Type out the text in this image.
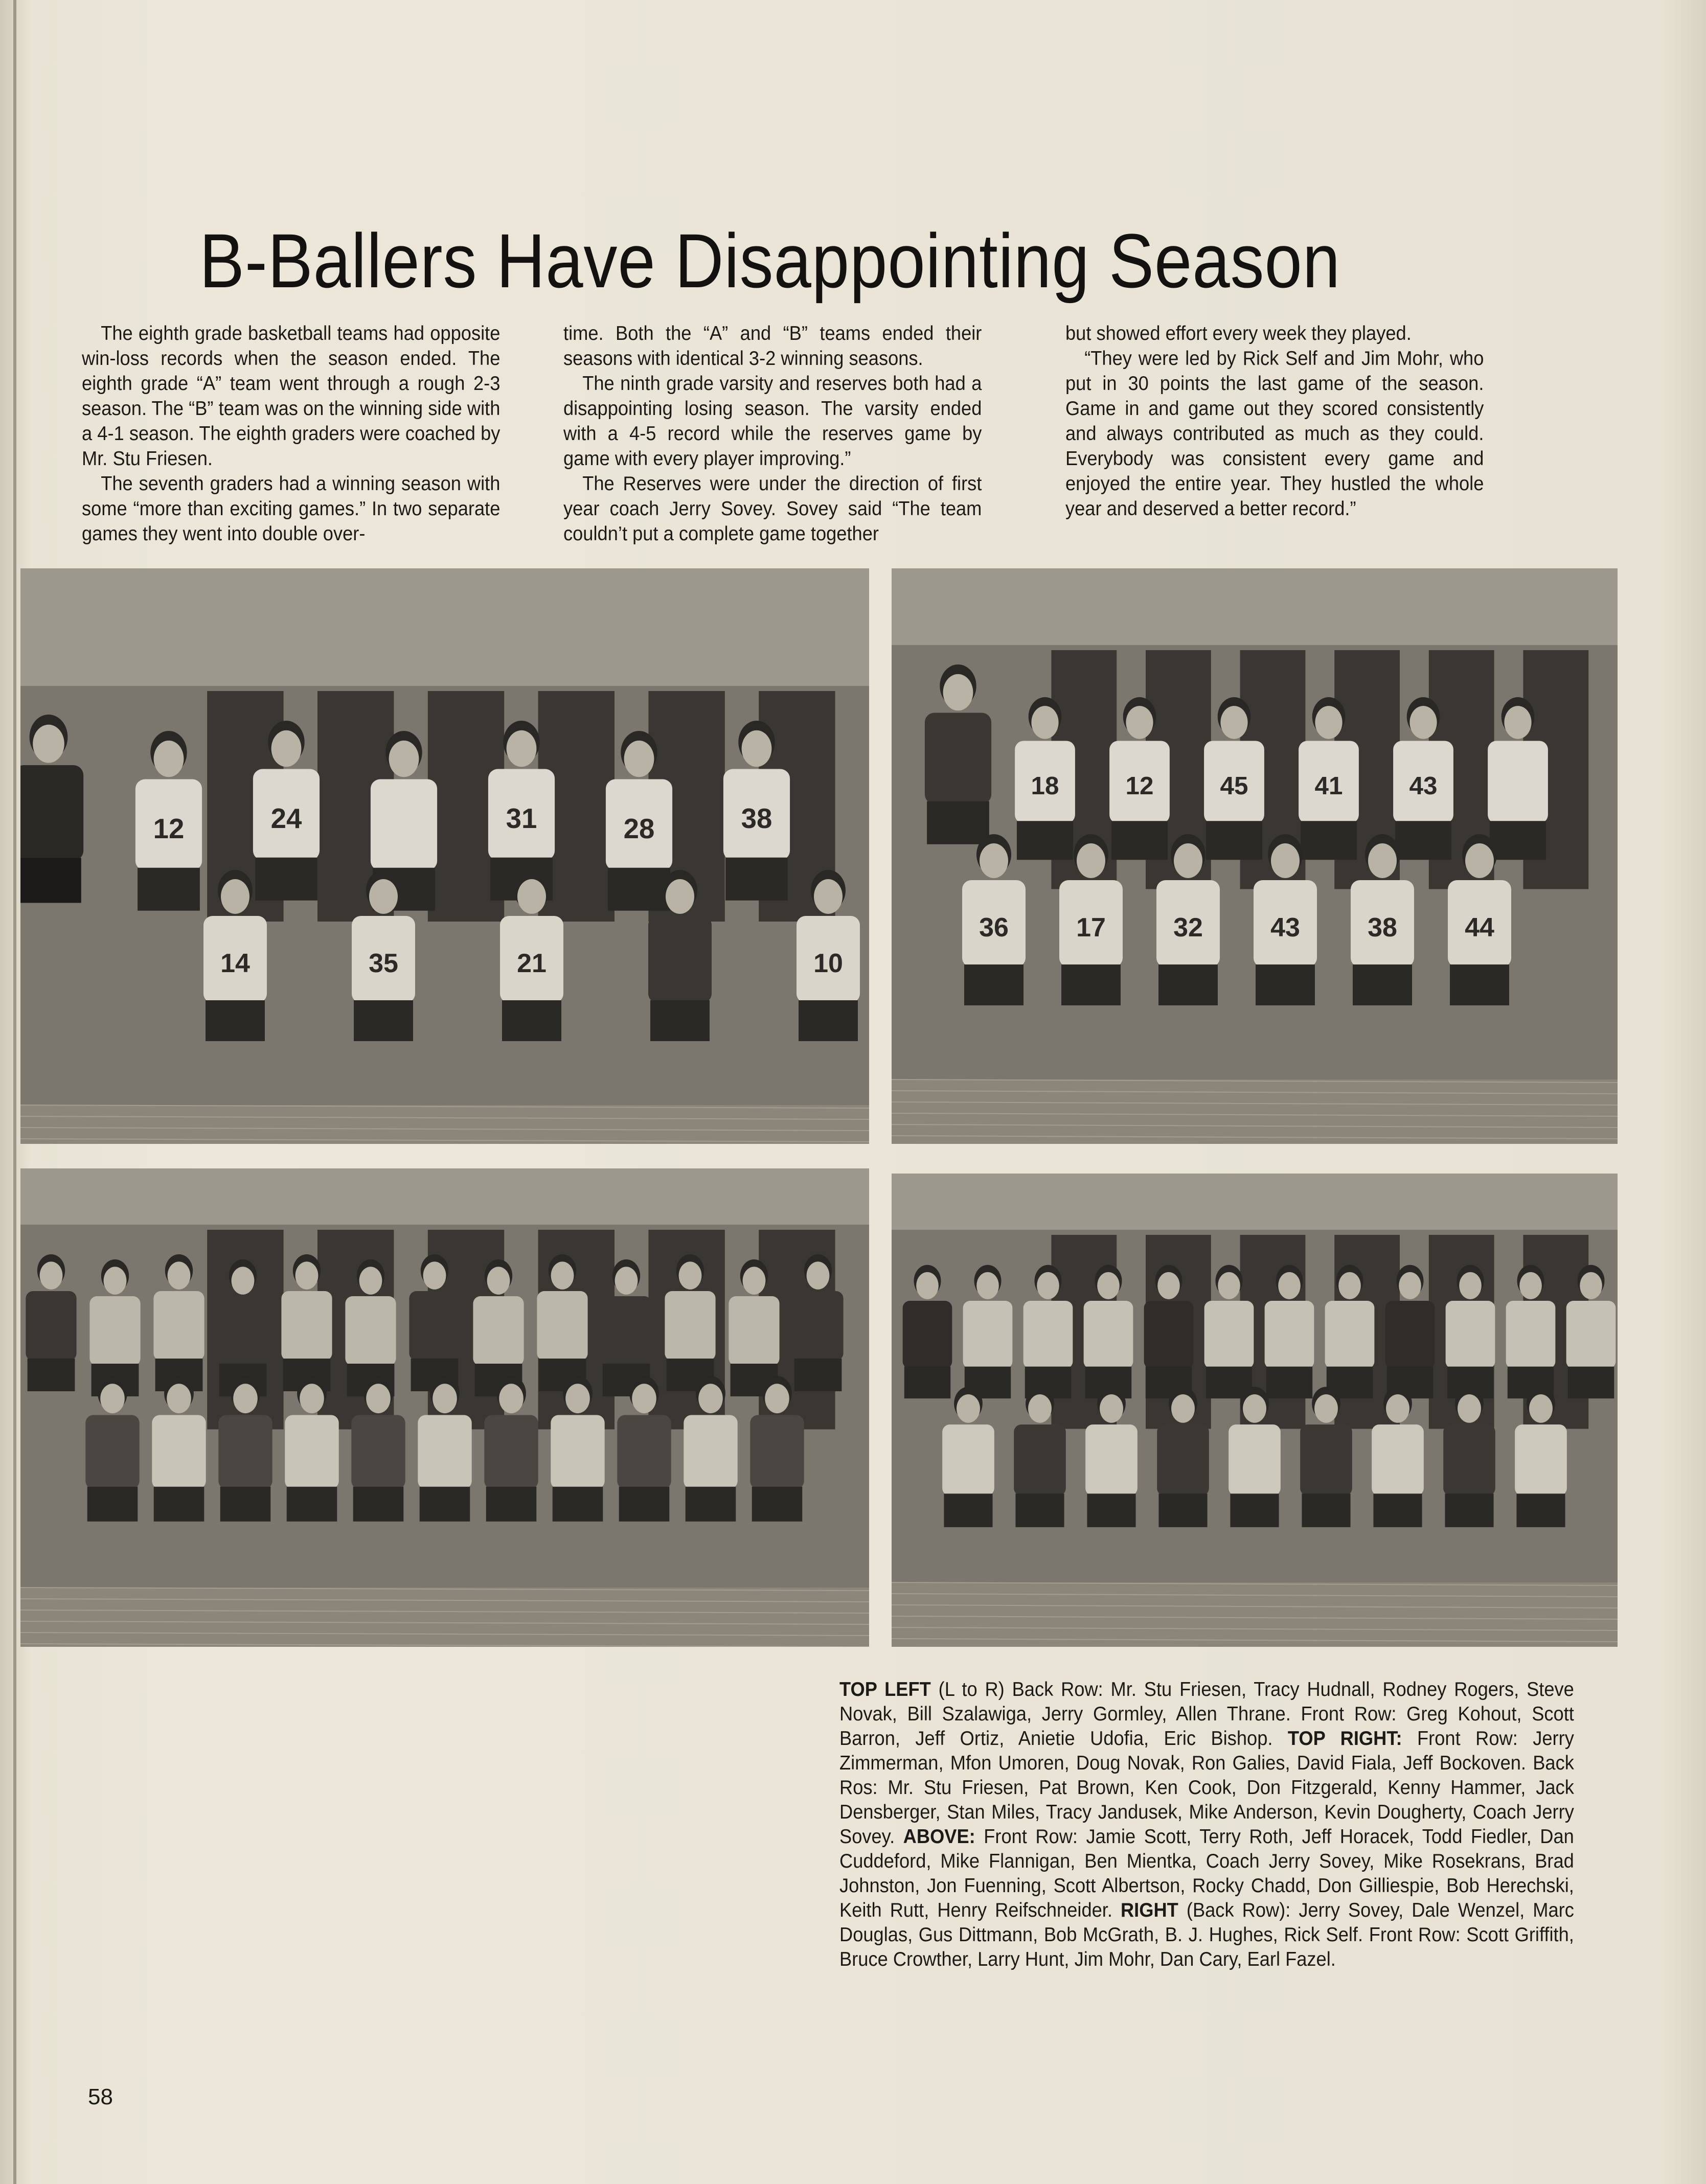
B-Ballers Have Disappointing Season

The eighth grade basketball teams had opposite win-loss records when the season ended. The eighth grade “A” team went through a rough 2-3 season. The “B” team was on the winning side with a 4-1 season. The eighth graders were coached by Mr. Stu Friesen.

The seventh graders had a winning season with some “more than exciting games.” In two separate games they went into double over-

time. Both the “A” and “B” teams ended their seasons with identical 3-2 winning seasons.

The ninth grade varsity and reserves both had a disappointing losing season. The varsity ended with a 4-5 record while the reserves game by game with every player improving.”

The Reserves were under the direction of first year coach Jerry Sovey. Sovey said “The team couldn’t put a complete game together

but showed effort every week they played.

“They were led by Rick Self and Jim Mohr, who put in 30 points the last game of the season. Game in and game out they scored consistently and always contributed as much as they could. Everybody was consistent every game and enjoyed the entire year. They hustled the whole year and deserved a better record.”

12	24	31	28	38
14	35	21	10
18	12	45	41	43
36	17	32	43	38	44
TOP LEFT (L to R) Back Row: Mr. Stu Friesen, Tracy Hudnall, Rodney Rogers, Steve Novak, Bill Szalawiga, Jerry Gormley, Allen Thrane. Front Row: Greg Kohout, Scott Barron, Jeff Ortiz, Anietie Udofia, Eric Bishop. TOP RIGHT: Front Row: Jerry Zimmerman, Mfon Umoren, Doug Novak, Ron Galies, David Fiala, Jeff Bockoven. Back Ros: Mr. Stu Friesen, Pat Brown, Ken Cook, Don Fitzgerald, Kenny Hammer, Jack Densberger, Stan Miles, Tracy Jandusek, Mike Anderson, Kevin Dougherty, Coach Jerry Sovey. ABOVE: Front Row: Jamie Scott, Terry Roth, Jeff Horacek, Todd Fiedler, Dan Cuddeford, Mike Flannigan, Ben Mientka, Coach Jerry Sovey, Mike Rosekrans, Brad Johnston, Jon Fuenning, Scott Albertson, Rocky Chadd, Don Gilliespie, Bob Herechski, Keith Rutt, Henry Reifschneider. RIGHT (Back Row): Jerry Sovey, Dale Wenzel, Marc Douglas, Gus Dittmann, Bob McGrath, B. J. Hughes, Rick Self. Front Row: Scott Griffith, Bruce Crowther, Larry Hunt, Jim Mohr, Dan Cary, Earl Fazel.
58
